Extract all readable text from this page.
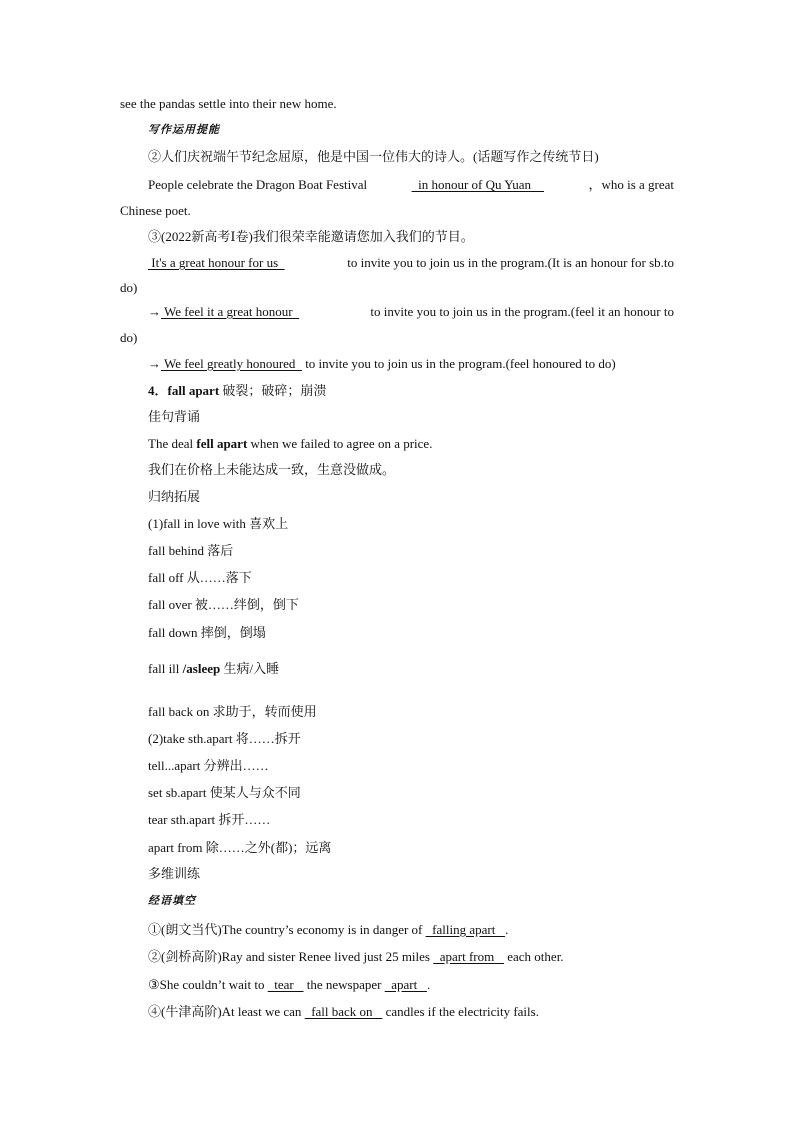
see the pandas settle into their new home.
写作运用提能
②人们庆祝端午节纪念屈原，他是中国一位伟大的诗人。(话题写作之传统节日)
People celebrate the Dragon Boat Festival	in honour of Qu Yuan	，who is a great
Chinese poet.
③(2022新高考Ⅰ卷)我们很荣幸能邀请您加入我们的节目。
It's a great honour for us	to invite you to join us in the program.(It is an honour for sb.to
do)
→ We feel it a great honour	to invite you to join us in the program.(feel it an honour to
do)
→ We feel greatly honoured   to invite you to join us in the program.(feel honoured to do)
4．fall apart 破裂；破碎；崩溃
佳句背诵
The deal fell apart when we failed to agree on a price.
我们在价格上未能达成一致，生意没做成。
归纳拓展
(1)fall in love with 喜欢上
fall behind 落后
fall off 从……落下
fall over 被……绊倒，倒下
fall down 摔倒，倒塌
fall ill /asleep 生病/入睡
fall back on 求助于，转而使用
(2)take sth.apart 将……拆开
tell...apart 分辨出……
set sb.apart 使某人与众不同
tear sth.apart 拆开……
apart from 除……之外(都)；远离
多维训练
经语填空
①(朗文当代)The country’s economy is in danger of   falling apart   .
②(剑桥高阶)Ray and sister Renee lived just 25 miles   apart from    each other.
③She couldn’t wait to   tear    the newspaper   apart   .
④(牛津高阶)At least we can   fall back on    candles if the electricity fails.
